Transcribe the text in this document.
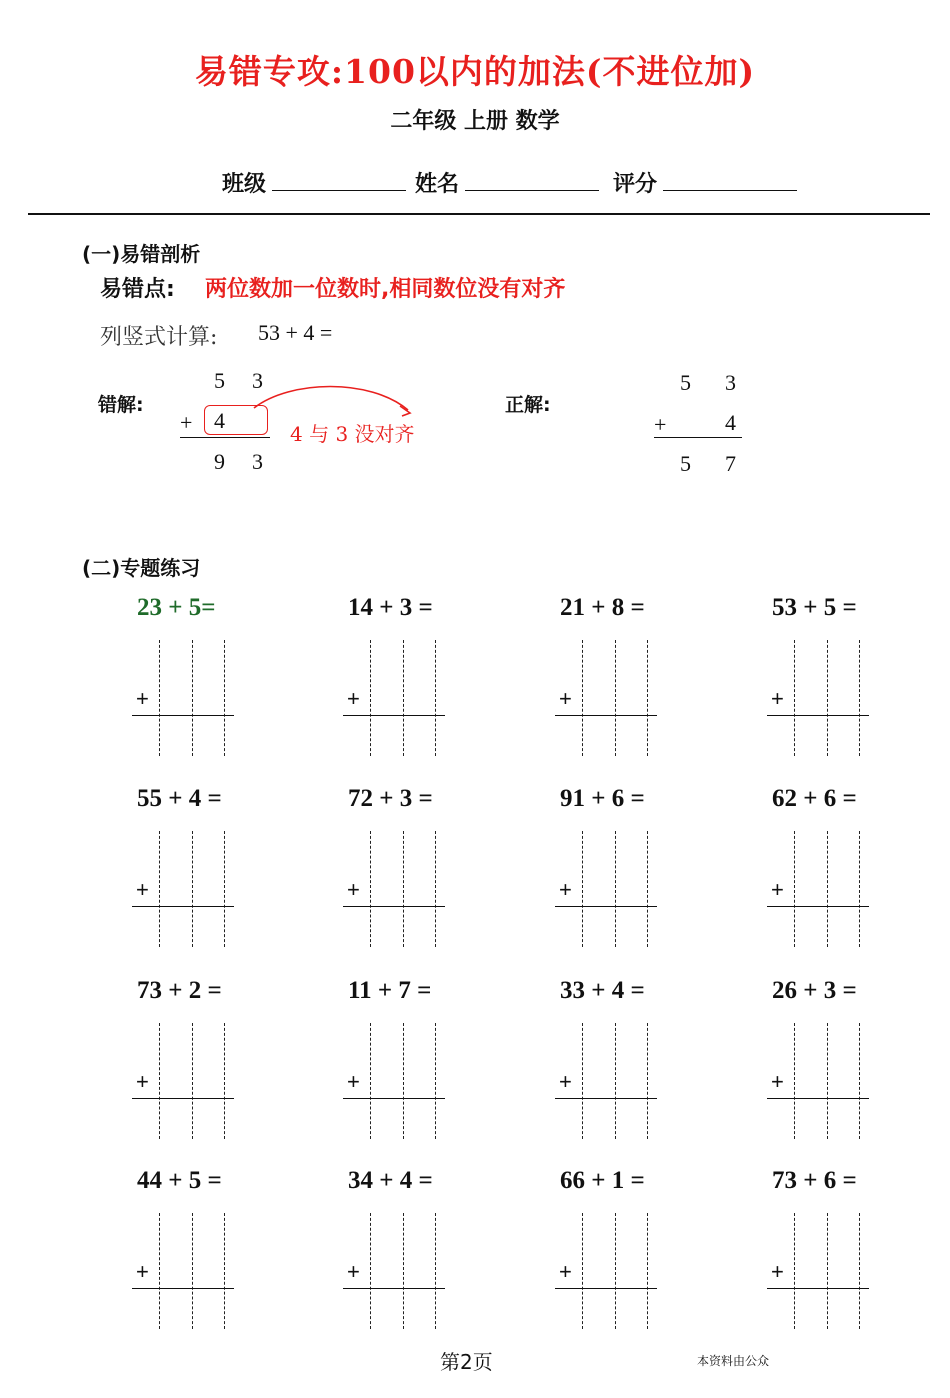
易错专攻:100以内的加法(不进位加)
二年级 上册 数学
班级	姓名	评分
(一)易错剖析
易错点: 两位数加一位数时,相同数位没有对齐
列竖式计算: 53 + 4 =
错解:
5 3
+ 4
9 3
4 与 3 没对齐
正解:
5 3
+	4
5 7
(二)专题练习
23 + 5=
+
14 + 3 =
+
21 + 8 =
+
53 + 5 =
+
55 + 4 =
+
72 + 3 =
+
91 + 6 =
+
62 + 6 =
+
73 + 2 =
+
11 + 7 =
+
33 + 4 =
+
26 + 3 =
+
44 + 5 =
+
34 + 4 =
+
66 + 1 =
+
73 + 6 =
+
第2页	本资料由公众
